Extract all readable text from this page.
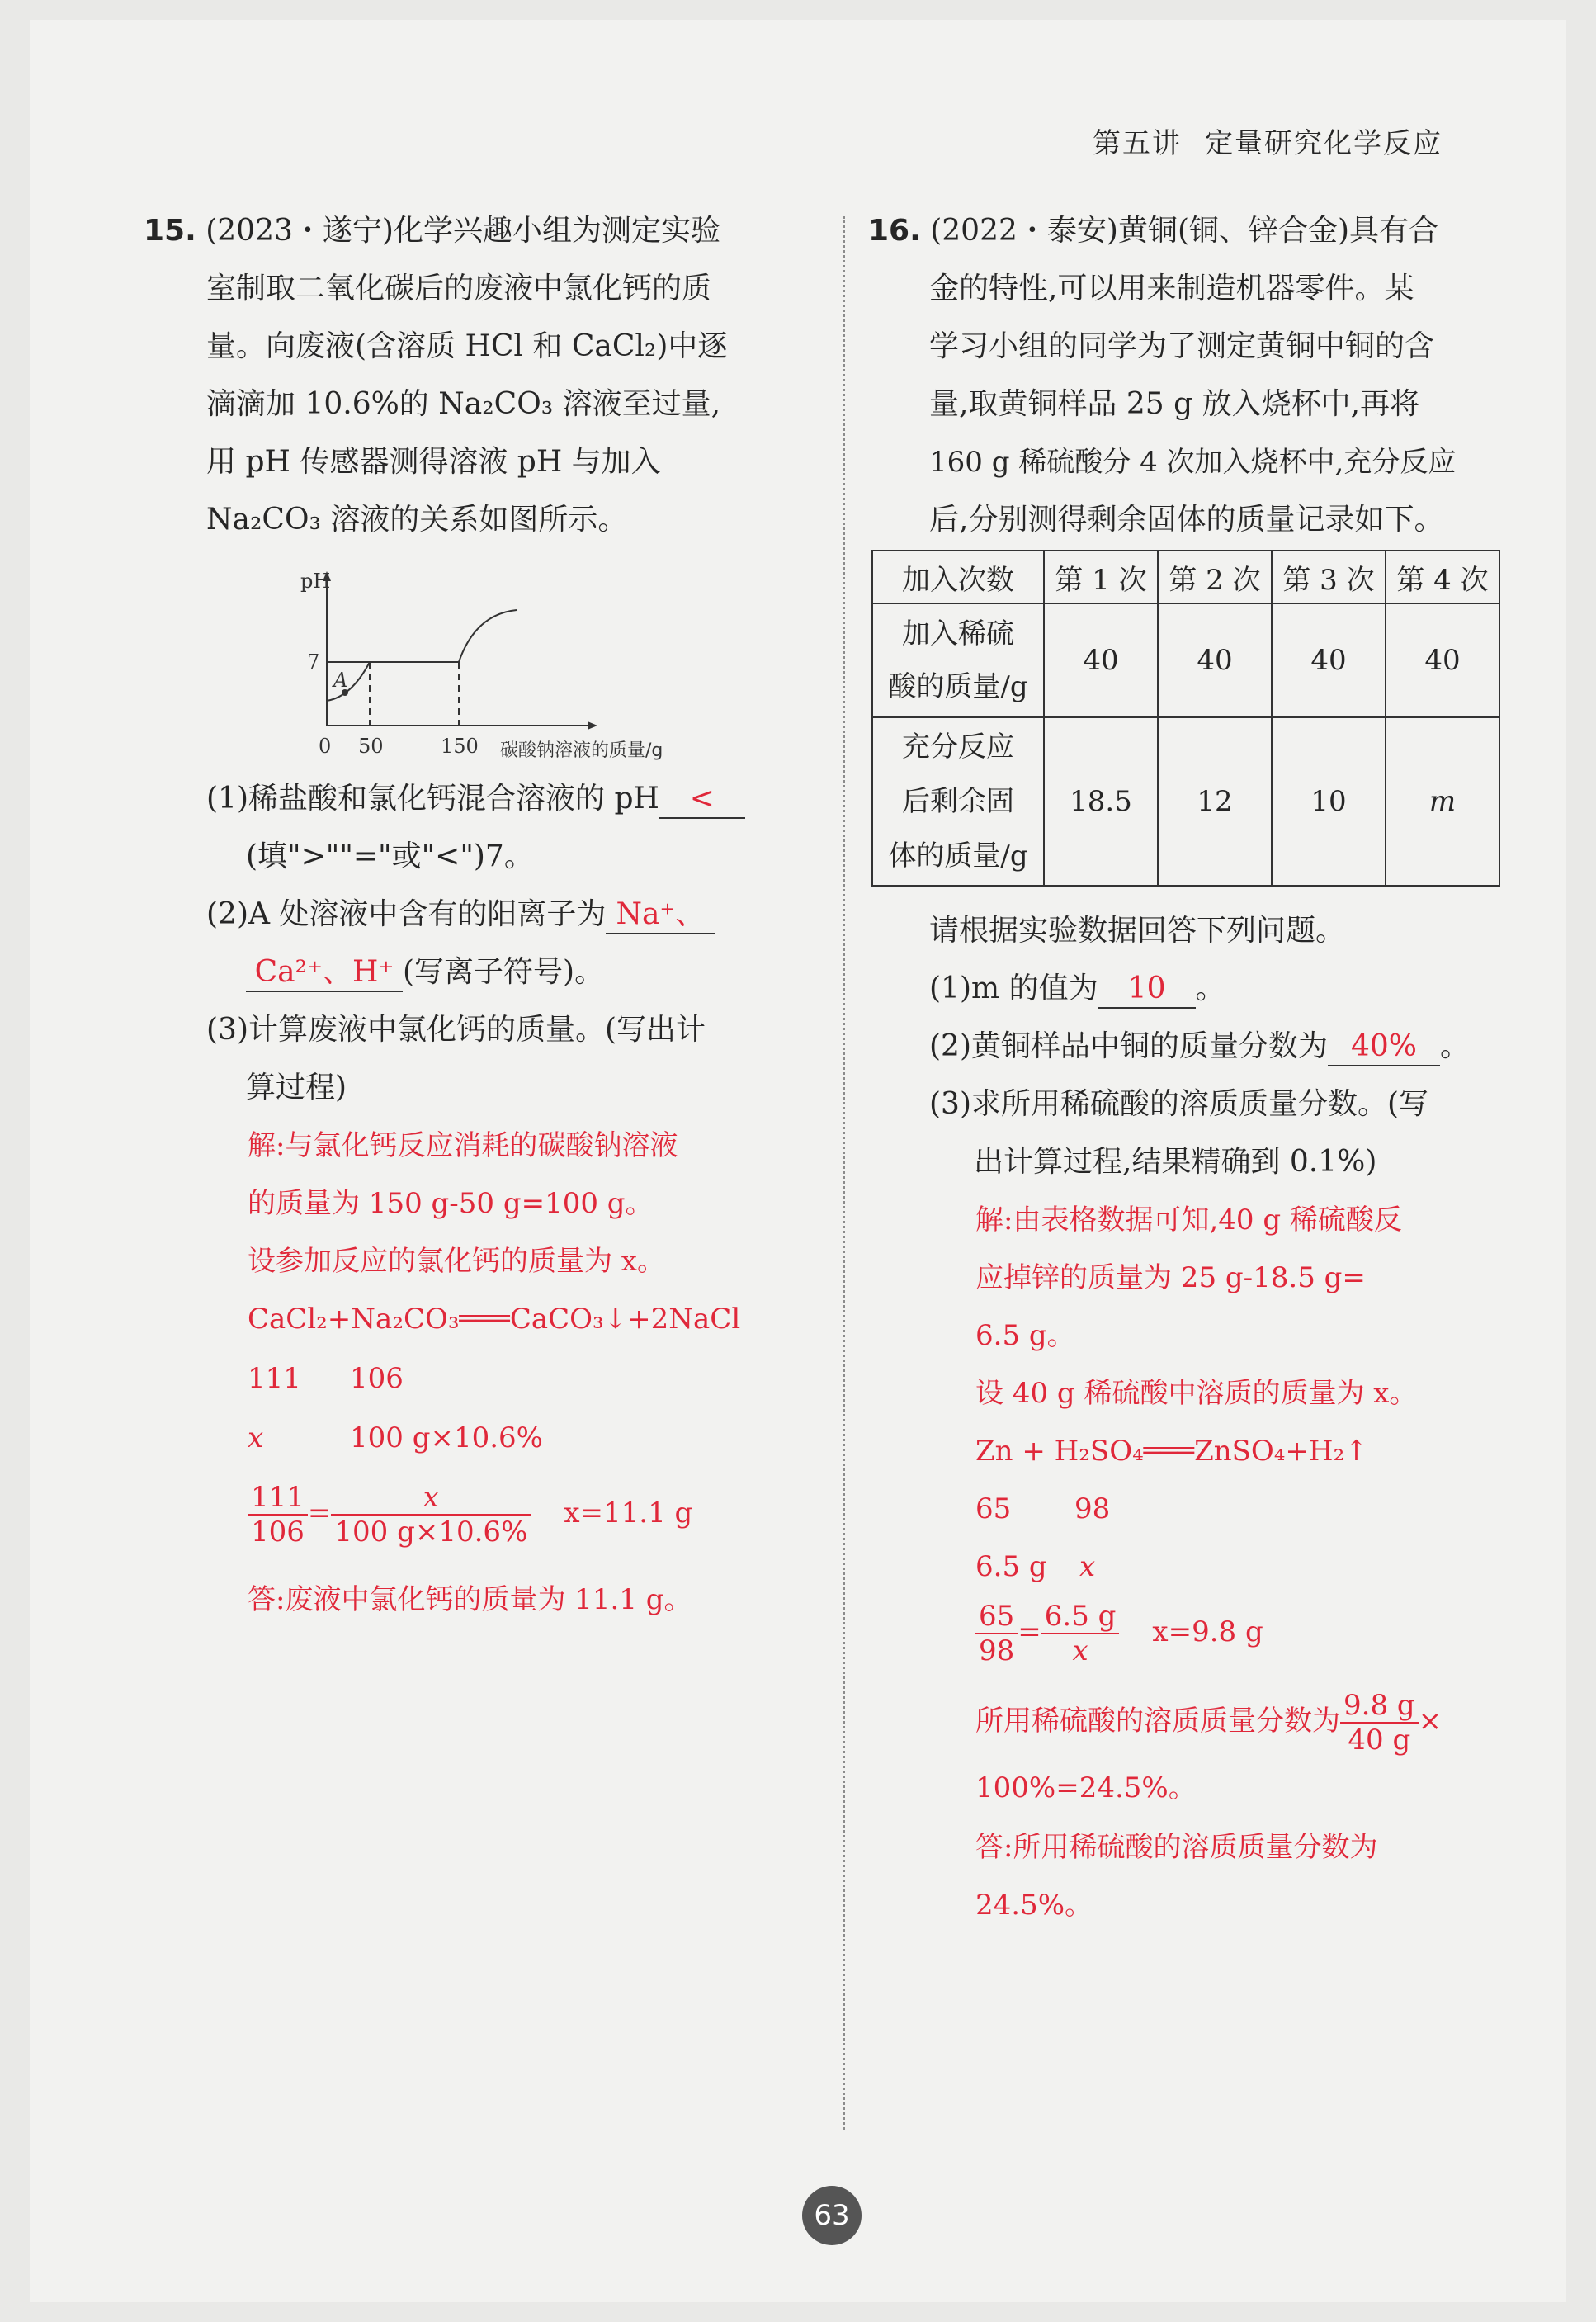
第五讲 定量研究化学反应
15. (2023・遂宁)化学兴趣小组为测定实验
室制取二氧化碳后的废液中氯化钙的质
量。向废液(含溶质 HCl 和 CaCl₂)中逐
滴滴加 10.6%的 Na₂CO₃ 溶液至过量,
用 pH 传感器测得溶液 pH 与加入
Na₂CO₃ 溶液的关系如图所示。
pH
7
A
0 50	150 碳酸钠溶液的质量/g
(1)稀盐酸和氯化钙混合溶液的 pH <
(填">""="或"<")7。
(2)A 处溶液中含有的阳离子为 Na⁺、
Ca²⁺、H⁺ (写离子符号)。
(3)计算废液中氯化钙的质量。(写出计
算过程)
解:与氯化钙反应消耗的碳酸钠溶液
的质量为 150 g-50 g=100 g。
设参加反应的氯化钙的质量为 x。
CaCl₂+Na₂CO₃═══CaCO₃↓+2NaCl
111 106
x	100 g×10.6%
$\frac{111}{106} = \frac{x}{100 g\times 10.6\%} x=11.1$ g
答:废液中氯化钙的质量为 11.1 g。
16. (2022・泰安)黄铜(铜、锌合金)具有合
金的特性,可以用来制造机器零件。某
学习小组的同学为了测定黄铜中铜的含
量,取黄铜样品 25 g 放入烧杯中,再将
160 g 稀硫酸分 4 次加入烧杯中,充分反应
后,分别测得剩余固体的质量记录如下。
加入次数	第 1 次	第 2 次	第 3 次	第 4 次
加入稀硫
酸的质量/g	40	40	40	40
充分反应
后剩余固
体的质量/g	18.5	12	10	m
请根据实验数据回答下列问题。
(1)m 的值为 10 。
(2)黄铜样品中铜的质量分数为 40% 。
(3)求所用稀硫酸的溶质质量分数。(写
出计算过程,结果精确到 0.1%)
解:由表格数据可知,40 g 稀硫酸反
应掉锌的质量为 25 g-18.5 g=
6.5 g。
设 40 g 稀硫酸中溶质的质量为 x。
Zn + H₂SO₄═══ZnSO₄+H₂↑
65 98
6.5 g x
$\frac{65}{98} = \frac{6.5 g}{x} x=9.8$ g
所用稀硫酸的溶质质量分数为 $\frac{9.8 g}{40 g}$ ×
100%=24.5%。
答:所用稀硫酸的溶质质量分数为
24.5%。
63
